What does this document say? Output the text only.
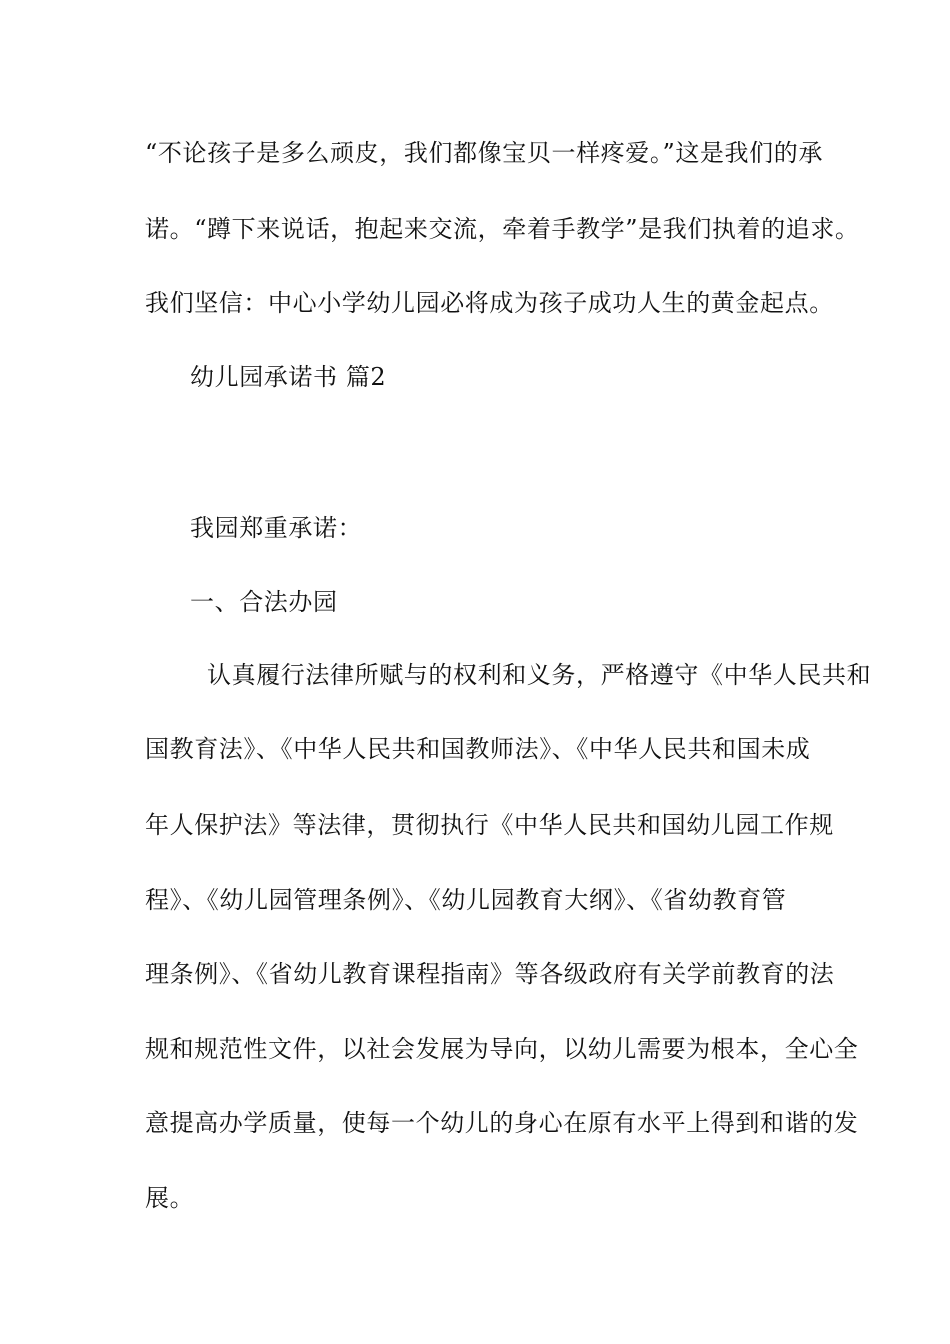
“不论孩子是多么顽皮，我们都像宝贝一样疼爱。”这是我们的承
诺。“蹲下来说话，抱起来交流，牵着手教学”是我们执着的追求。
我们坚信：中心小学幼儿园必将成为孩子成功人生的黄金起点。
幼儿园承诺书 篇2
我园郑重承诺：
一、合法办园
认真履行法律所赋与的权利和义务，严格遵守《中华人民共和
国教育法》、《中华人民共和国教师法》、《中华人民共和国未成
年人保护法》等法律，贯彻执行《中华人民共和国幼儿园工作规
程》、《幼儿园管理条例》、《幼儿园教育大纲》、《省幼教育管
理条例》、《省幼儿教育课程指南》等各级政府有关学前教育的法
规和规范性文件，以社会发展为导向，以幼儿需要为根本，全心全
意提高办学质量，使每一个幼儿的身心在原有水平上得到和谐的发
展。
